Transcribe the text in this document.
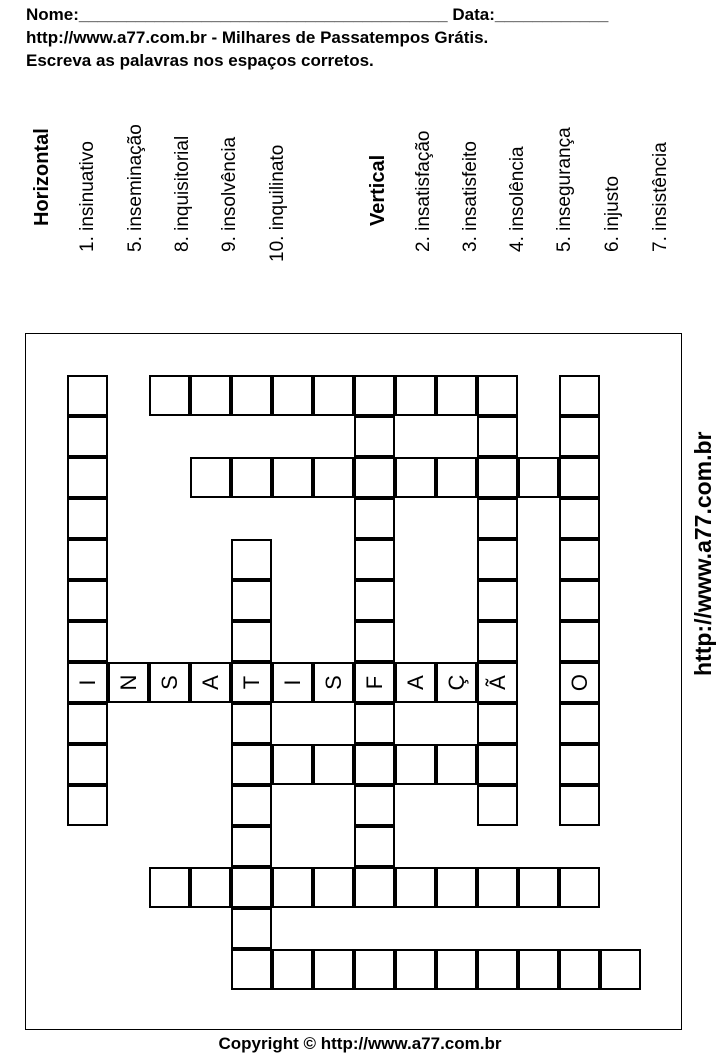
Nome:_______________________________________ Data:____________
http://www.a77.com.br - Milhares de Passatempos Grátis.
Escreva as palavras nos espaços corretos.
Horizontal 1. insinuativo 5. inseminação 8. inquisitorial 9. insolvência 10. inquilinato	Vertical 2. insatisfação 3. insatisfeito 4. insolência 5. insegurança 6. injusto 7. insistência
I N S A T I S F A Ç Ã	O
http://www.a77.com.br
Copyright © http://www.a77.com.br
